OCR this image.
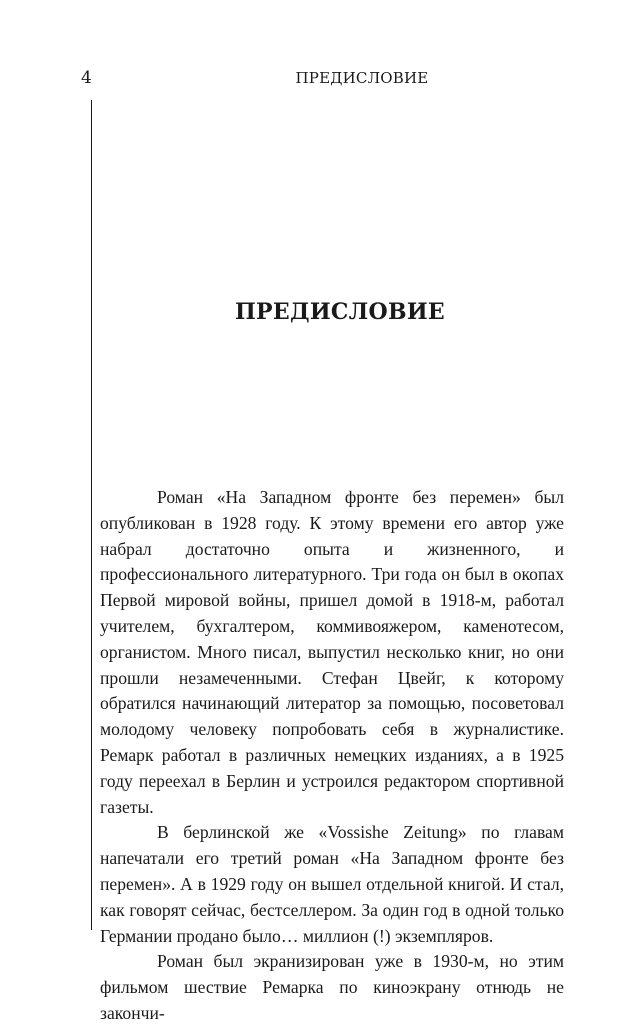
4	ПРЕДИСЛОВИЕ
ПРЕДИСЛОВИЕ

Роман «На Западном фронте без перемен» был опубликован в 1928 году. К этому времени его автор уже набрал достаточно опыта и жизненного, и профессионального литературного. Три года он был в окопах Первой мировой войны, пришел домой в 1918-м, работал учителем, бухгалтером, коммивояжером, каменотесом, органистом. Много писал, выпустил несколько книг, но они прошли незамеченными. Стефан Цвейг, к которому обратился начинающий литератор за помощью, посоветовал молодому человеку попробовать себя в журналистике. Ремарк работал в различных немецких изданиях, а в 1925 году переехал в Берлин и устроился редактором спортивной газеты.

В берлинской же «Vossishe Zeitung» по главам напечатали его третий роман «На Западном фронте без перемен». А в 1929 году он вышел отдельной книгой. И стал, как говорят сейчас, бестселлером. За один год в одной только Германии продано было… миллион (!) экземпляров.

Роман был экранизирован уже в 1930-м, но этим фильмом шествие Ремарка по киноэкрану отнюдь не закончи-
